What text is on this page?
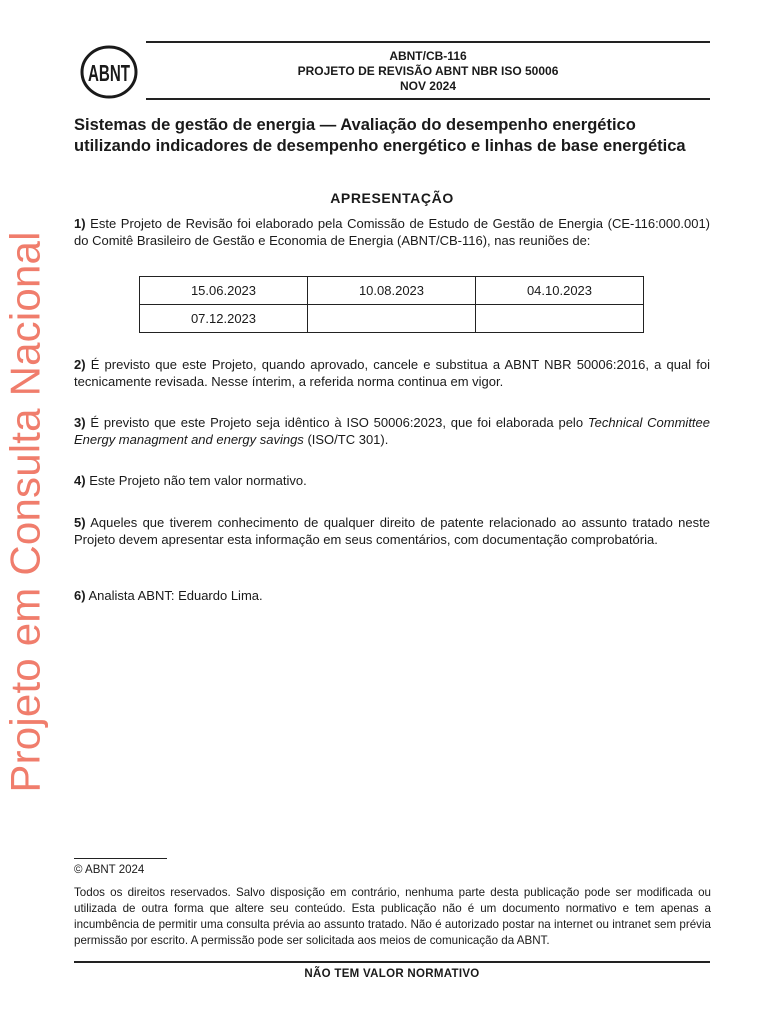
Projeto em Consulta Nacional
ABNT
ABNT/CB-116
PROJETO DE REVISÃO ABNT NBR ISO 50006
NOV 2024
Sistemas de gestão de energia — Avaliação do desempenho energético
utilizando indicadores de desempenho energético e linhas de base energética
APRESENTAÇÃO
1) Este Projeto de Revisão foi elaborado pela Comissão de Estudo de Gestão de Energia (CE-116:000.001) do Comitê Brasileiro de Gestão e Economia de Energia (ABNT/CB-116), nas reuniões de:
15.06.2023	10.08.2023	04.10.2023
07.12.2023		
2) É previsto que este Projeto, quando aprovado, cancele e substitua a ABNT NBR 50006:2016, a qual foi tecnicamente revisada. Nesse ínterim, a referida norma continua em vigor.
3) É previsto que este Projeto seja idêntico à ISO 50006:2023, que foi elaborada pelo Technical Committee Energy managment and energy savings (ISO/TC 301).
4) Este Projeto não tem valor normativo.
5) Aqueles que tiverem conhecimento de qualquer direito de patente relacionado ao assunto tratado neste Projeto devem apresentar esta informação em seus comentários, com documentação comprobatória.
6) Analista ABNT: Eduardo Lima.
© ABNT 2024
Todos os direitos reservados. Salvo disposição em contrário, nenhuma parte desta publicação pode ser modificada ou utilizada de outra forma que altere seu conteúdo. Esta publicação não é um documento normativo e tem apenas a incumbência de permitir uma consulta prévia ao assunto tratado. Não é autorizado postar na internet ou intranet sem prévia permissão por escrito. A permissão pode ser solicitada aos meios de comunicação da ABNT.
NÃO TEM VALOR NORMATIVO
